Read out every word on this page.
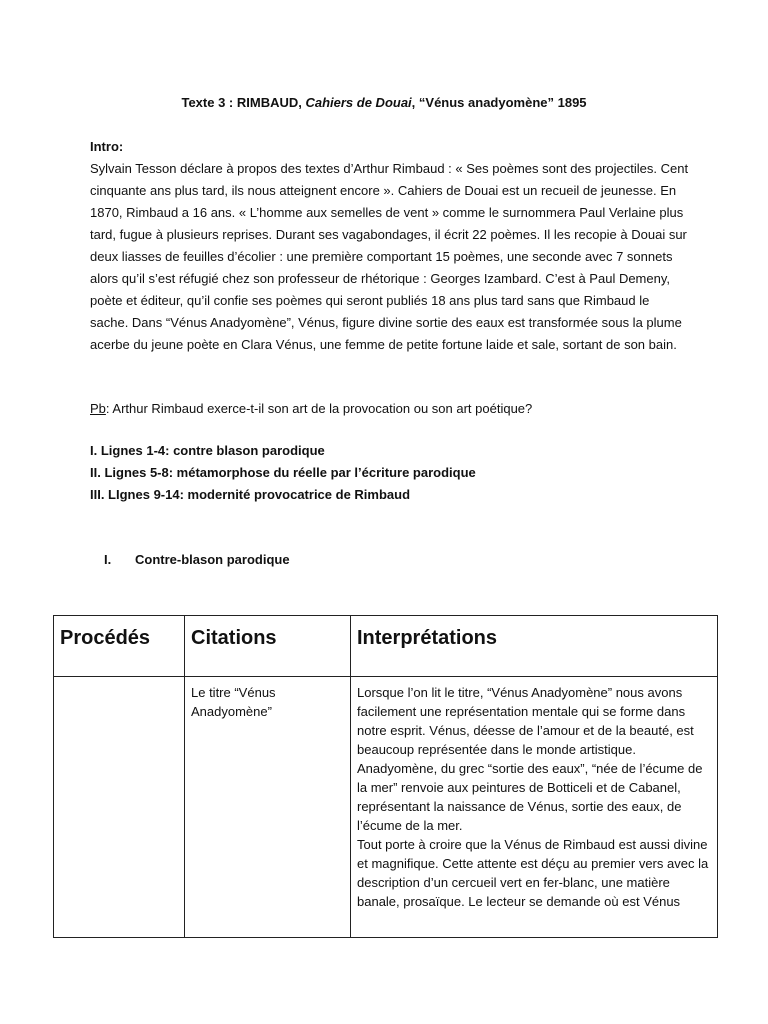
Texte 3 : RIMBAUD, Cahiers de Douai, “Vénus anadyomène” 1895
Intro:
Sylvain Tesson déclare à propos des textes d’Arthur Rimbaud : « Ses poèmes sont des projectiles. Cent cinquante ans plus tard, ils nous atteignent encore ». Cahiers de Douai est un recueil de jeunesse. En 1870, Rimbaud a 16 ans. « L’homme aux semelles de vent » comme le surnommera Paul Verlaine plus tard, fugue à plusieurs reprises. Durant ses vagabondages, il écrit 22 poèmes. Il les recopie à Douai sur deux liasses de feuilles d’écolier : une première comportant 15 poèmes, une seconde avec 7 sonnets alors qu’il s’est réfugié chez son professeur de rhétorique : Georges Izambard. C’est à Paul Demeny, poète et éditeur, qu’il confie ses poèmes qui seront publiés 18 ans plus tard sans que Rimbaud le sache. Dans “Vénus Anadyomène”, Vénus, figure divine sortie des eaux est transformée sous la plume acerbe du jeune poète en Clara Vénus, une femme de petite fortune laide et sale, sortant de son bain.
Pb: Arthur Rimbaud exerce-t-il son art de la provocation ou son art poétique?
I. Lignes 1-4: contre blason parodique
II. Lignes 5-8: métamorphose du réelle par l’écriture parodique
III. LIgnes 9-14: modernité provocatrice de Rimbaud
I. Contre-blason parodique
Procédés	Citations	Interprétations
	Le titre “Vénus Anadyomène”	Lorsque l’on lit le titre, “Vénus Anadyomène” nous avons facilement une représentation mentale qui se forme dans notre esprit. Vénus, déesse de l’amour et de la beauté, est beaucoup représentée dans le monde artistique. Anadyomène, du grec “sortie des eaux”, “née de l’écume de la mer” renvoie aux peintures de Botticeli et de Cabanel, représentant la naissance de Vénus, sortie des eaux, de l’écume de la mer.
Tout porte à croire que la Vénus de Rimbaud est aussi divine et magnifique. Cette attente est déçu au premier vers avec la description d’un cercueil vert en fer-blanc, une matière banale, prosaïque. Le lecteur se demande où est Vénus
